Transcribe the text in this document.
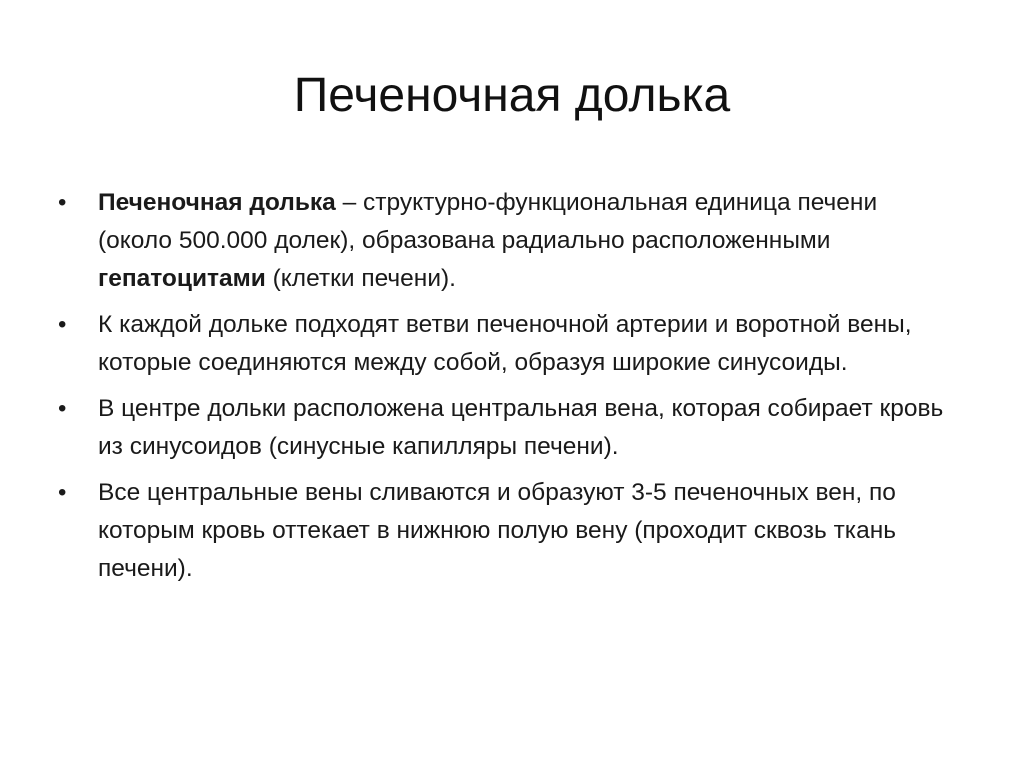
Печеночная долька
• Печеночная долька – структурно-функциональная единица печени (около 500.000 долек), образована радиально расположенными гепатоцитами (клетки печени).
• К каждой дольке подходят ветви печеночной артерии и воротной вены, которые соединяются между собой, образуя широкие синусоиды.
• В центре дольки расположена центральная вена, которая собирает кровь из синусоидов (синусные капилляры печени).
• Все центральные вены сливаются и образуют 3-5 печеночных вен, по которым кровь оттекает в нижнюю полую вену (проходит сквозь ткань печени).
